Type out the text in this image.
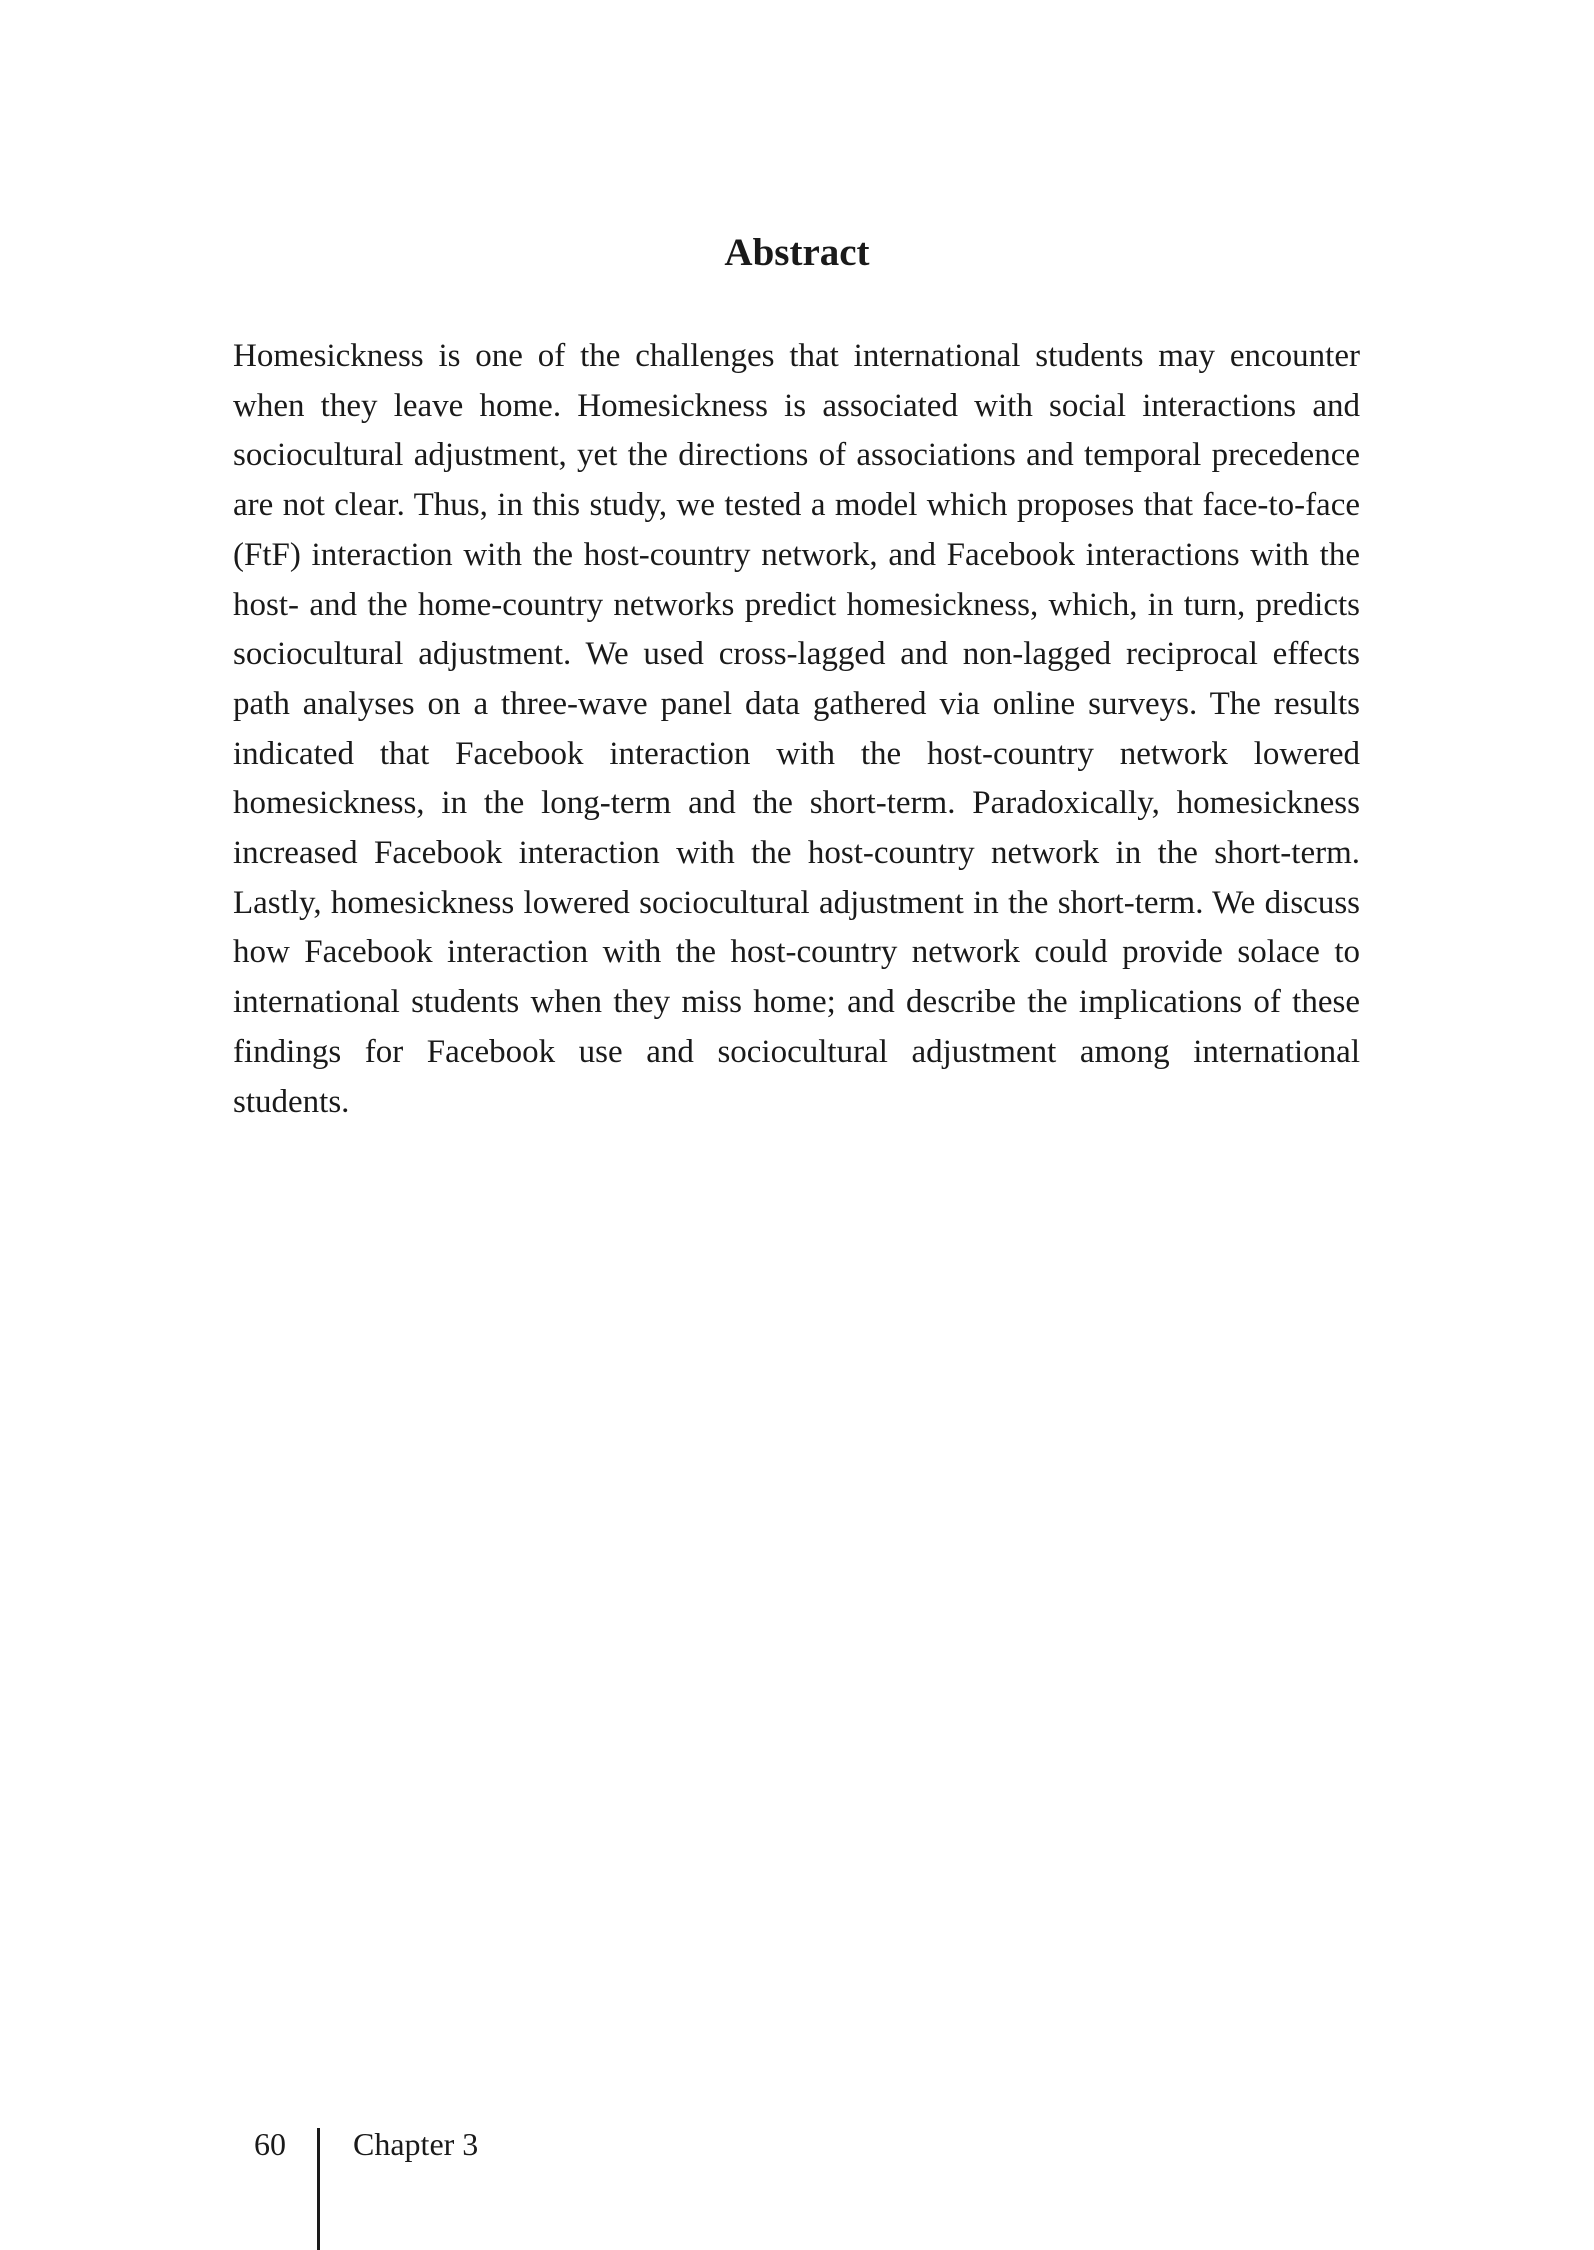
Abstract

Homesickness is one of the challenges that international students may encounter when they leave home. Homesickness is associated with social interactions and sociocultural adjustment, yet the directions of associations and temporal precedence are not clear. Thus, in this study, we tested a model which proposes that face-to-face (FtF) interaction with the host-country network, and Facebook interactions with the host- and the home-country networks predict homesickness, which, in turn, predicts sociocultural adjustment. We used cross-lagged and non-lagged reciprocal effects path analyses on a three-wave panel data gathered via online surveys. The results indicated that Facebook interaction with the host-country network lowered homesickness, in the long-term and the short-term. Paradoxically, homesickness increased Facebook interaction with the host-country network in the short-term. Lastly, homesickness lowered sociocultural adjustment in the short-term. We discuss how Facebook interaction with the host-country network could provide solace to international students when they miss home; and describe the implications of these findings for Facebook use and sociocultural adjustment among international students.

60 Chapter 3
